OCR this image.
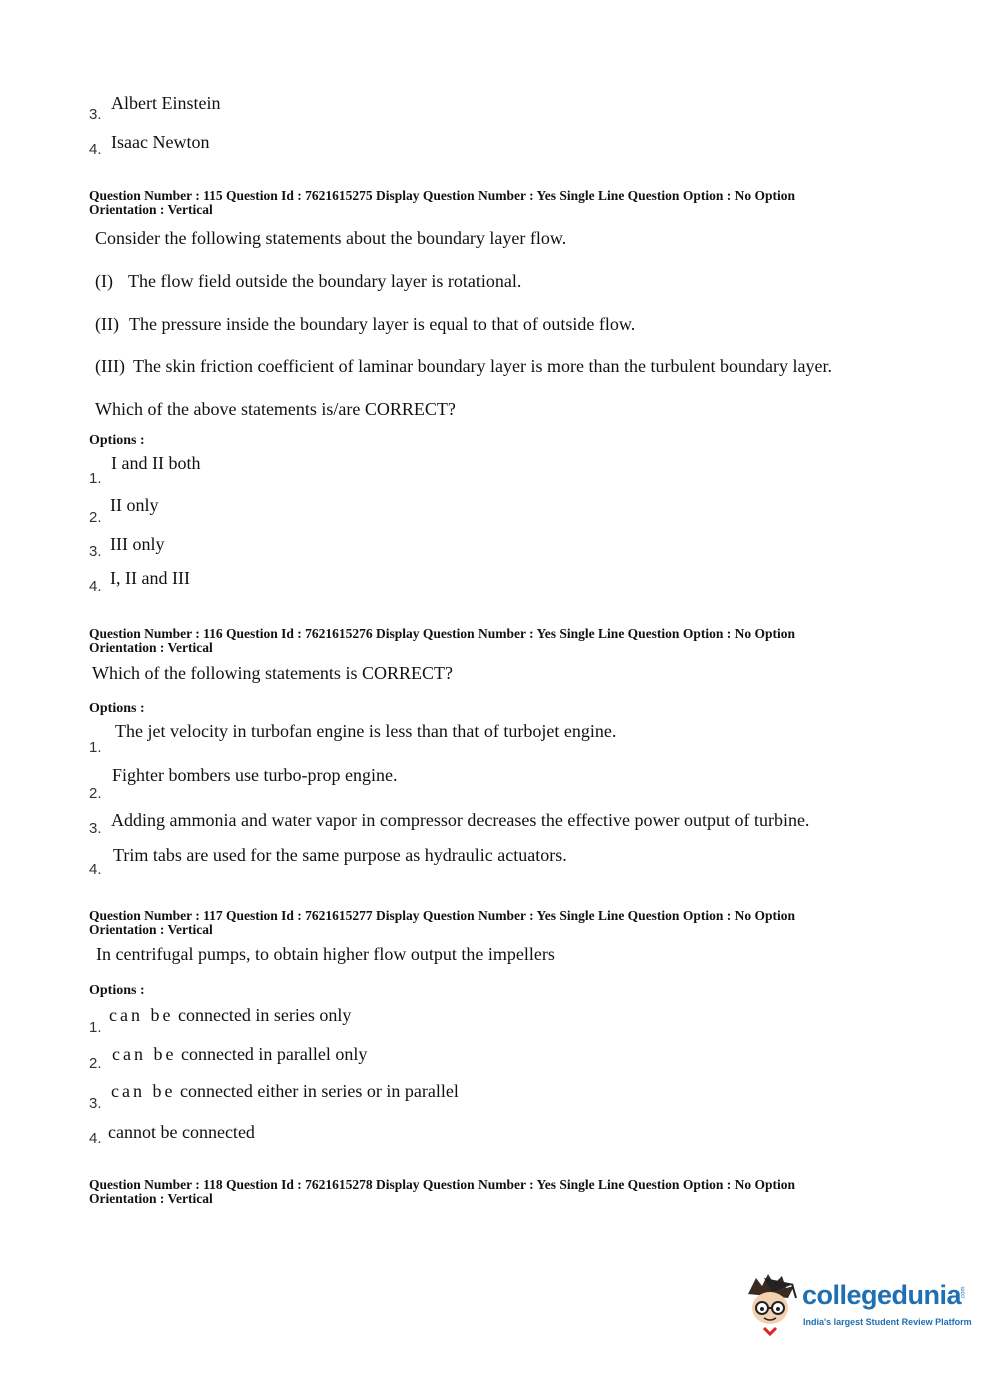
Albert Einstein
3.
Isaac Newton
4.
Question Number : 115 Question Id : 7621615275 Display Question Number : Yes Single Line Question Option : No Option
Orientation : Vertical
Consider the following statements about the boundary layer flow.
(I) The flow field outside the boundary layer is rotational.
(II) The pressure inside the boundary layer is equal to that of outside flow.
(III) The skin friction coefficient of laminar boundary layer is more than the turbulent boundary layer.
Which of the above statements is/are CORRECT?
Options :
I and II both
1.
II only
2.
III only
3.
I, II and III
4.
Question Number : 116 Question Id : 7621615276 Display Question Number : Yes Single Line Question Option : No Option
Orientation : Vertical
Which of the following statements is CORRECT?
Options :
The jet velocity in turbofan engine is less than that of turbojet engine.
1.
Fighter bombers use turbo-prop engine.
2.
Adding ammonia and water vapor in compressor decreases the effective power output of turbine.
3.
Trim tabs are used for the same purpose as hydraulic actuators.
4.
Question Number : 117 Question Id : 7621615277 Display Question Number : Yes Single Line Question Option : No Option
Orientation : Vertical
In centrifugal pumps, to obtain higher flow output the impellers
Options :
can be connected in series only
1.
can be connected in parallel only
2.
can be connected either in series or in parallel
3.
cannot be connected
4.
Question Number : 118 Question Id : 7621615278 Display Question Number : Yes Single Line Question Option : No Option
Orientation : Vertical
collegedunia .com
India's largest Student Review Platform
